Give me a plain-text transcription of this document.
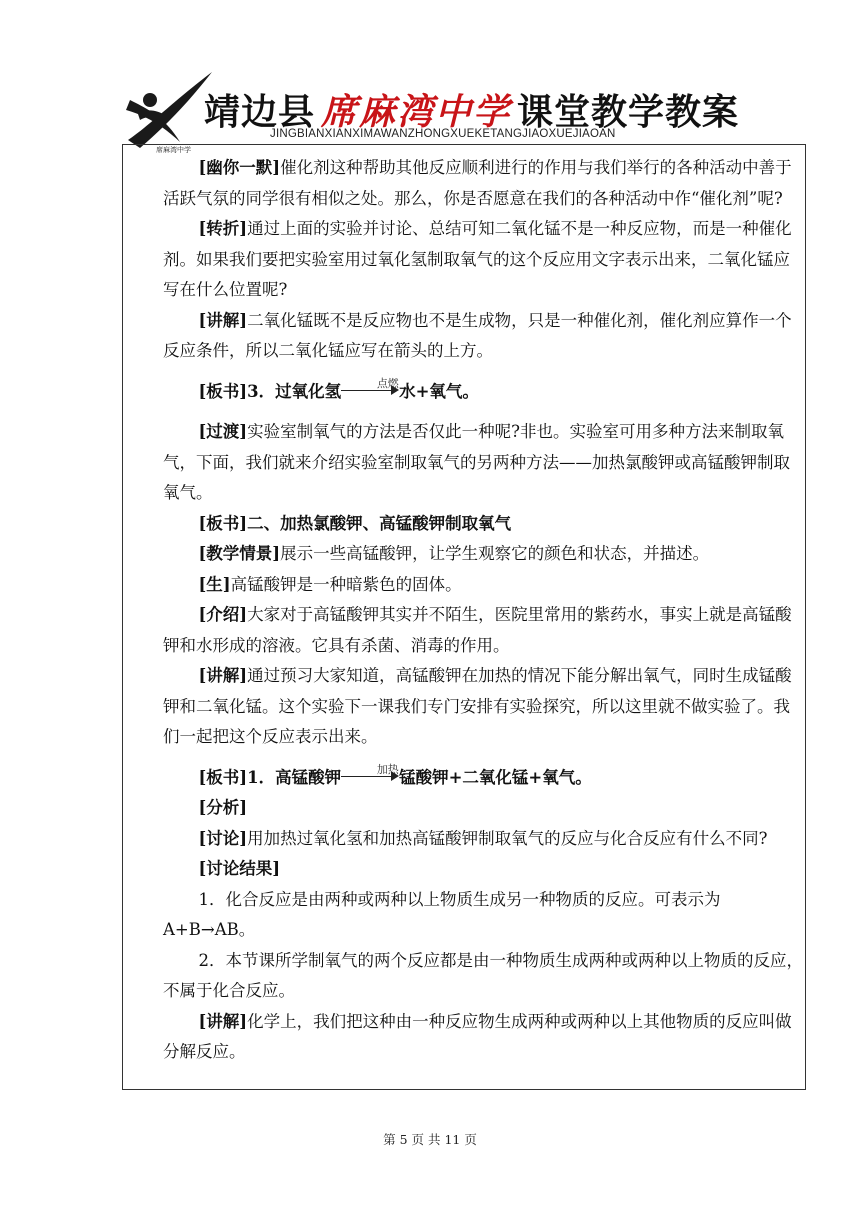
席麻湾中学
靖边县 席麻湾中学 课堂教学教案
JINGBIANXIANXIMAWANZHONGXUEKETANGJIAOXUEJIAOAN

[幽你一默]催化剂这种帮助其他反应顺利进行的作用与我们举行的各种活动中善于活跃气氛的同学很有相似之处。那么，你是否愿意在我们的各种活动中作“催化剂”呢?

[转折]通过上面的实验并讨论、总结可知二氧化锰不是一种反应物，而是一种催化剂。如果我们要把实验室用过氧化氢制取氧气的这个反应用文字表示出来，二氧化锰应写在什么位置呢?

[讲解]二氧化锰既不是反应物也不是生成物，只是一种催化剂，催化剂应算作一个反应条件，所以二氧化锰应写在箭头的上方。

[板书]3．过氧化氢	点燃 水+氧气。

[过渡]实验室制氧气的方法是否仅此一种呢?非也。实验室可用多种方法来制取氧气，下面，我们就来介绍实验室制取氧气的另两种方法——加热氯酸钾或高锰酸钾制取氧气。

[板书]二、加热氯酸钾、高锰酸钾制取氧气

[教学情景]展示一些高锰酸钾，让学生观察它的颜色和状态，并描述。

[生]高锰酸钾是一种暗紫色的固体。

[介绍]大家对于高锰酸钾其实并不陌生，医院里常用的紫药水，事实上就是高锰酸钾和水形成的溶液。它具有杀菌、消毒的作用。

[讲解]通过预习大家知道，高锰酸钾在加热的情况下能分解出氧气，同时生成锰酸钾和二氧化锰。这个实验下一课我们专门安排有实验探究，所以这里就不做实验了。我们一起把这个反应表示出来。

[板书]1．高锰酸钾	加热 锰酸钾+二氧化锰+氧气。

[分析]

[讨论]用加热过氧化氢和加热高锰酸钾制取氧气的反应与化合反应有什么不同?

[讨论结果]

1．化合反应是由两种或两种以上物质生成另一种物质的反应。可表示为 A+B→AB。

2．本节课所学制氧气的两个反应都是由一种物质生成两种或两种以上物质的反应，不属于化合反应。

[讲解]化学上，我们把这种由一种反应物生成两种或两种以上其他物质的反应叫做分解反应。

第 5 页 共 11 页
